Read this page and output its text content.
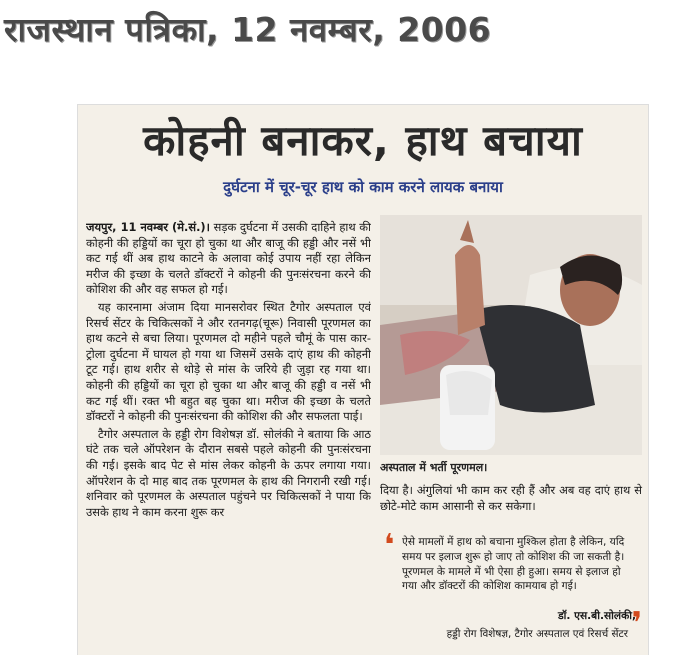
राजस्थान पत्रिका, 12 नवम्बर, 2006
कोहनी बनाकर, हाथ बचाया
दुर्घटना में चूर-चूर हाथ को काम करने लायक बनाया

जयपुर, 11 नवम्बर (मे.सं.)। सड़क दुर्घटना में उसकी दाहिने हाथ की कोहनी की हड्डियों का चूरा हो चुका था और बाजू की हड्डी और नसें भी कट गई थीं अब हाथ काटने के अलावा कोई उपाय नहीं रहा लेकिन मरीज की इच्छा के चलते डॉक्टरों ने कोहनी की पुनःसंरचना करने की कोशिश की और वह सफल हो गई।

यह कारनामा अंजाम दिया मानसरोवर स्थित टैगोर अस्पताल एवं रिसर्च सेंटर के चिकित्सकों ने और रतनगढ़(चूरू) निवासी पूरणमल का हाथ कटने से बचा लिया। पूरणमल दो महीने पहले चौमूं के पास कार-ट्रोला दुर्घटना में घायल हो गया था जिसमें उसके दाएं हाथ की कोहनी टूट गई। हाथ शरीर से थोड़े से मांस के जरिये ही जुड़ा रह गया था। कोहनी की हड्डियों का चूरा हो चुका था और बाजू की हड्डी व नसें भी कट गई थीं। रक्त भी बहुत बह चुका था। मरीज की इच्छा के चलते डॉक्टरों ने कोहनी की पुनःसंरचना की कोशिश की और सफलता पाई।

टैगोर अस्पताल के हड्डी रोग विशेषज्ञ डॉ. सोलंकी ने बताया कि आठ घंटे तक चले ऑपरेशन के दौरान सबसे पहले कोहनी की पुनःसंरचना की गई। इसके बाद पेट से मांस लेकर कोहनी के ऊपर लगाया गया। ऑपरेशन के दो माह बाद तक पूरणमल के हाथ की निगरानी रखी गई। शनिवार को पूरणमल के अस्पताल पहुंचने पर चिकित्सकों ने पाया कि उसके हाथ ने काम करना शुरू कर

अस्पताल में भर्ती पूरणमल।
दिया है। अंगुलियां भी काम कर रही हैं और अब वह दाएं हाथ से छोटे-मोटे काम आसानी से कर सकेगा।
❛ ऐसे मामलों में हाथ को बचाना मुश्किल होता है लेकिन, यदि समय पर इलाज शुरू हो जाए तो कोशिश की जा सकती है। पूरणमल के मामले में भी ऐसा ही हुआ। समय से इलाज हो गया और डॉक्टरों की कोशिश कामयाब हो गई।
❜
डॉ. एस.बी.सोलंकी,
हड्डी रोग विशेषज्ञ, टैगोर अस्पताल एवं रिसर्च सेंटर
